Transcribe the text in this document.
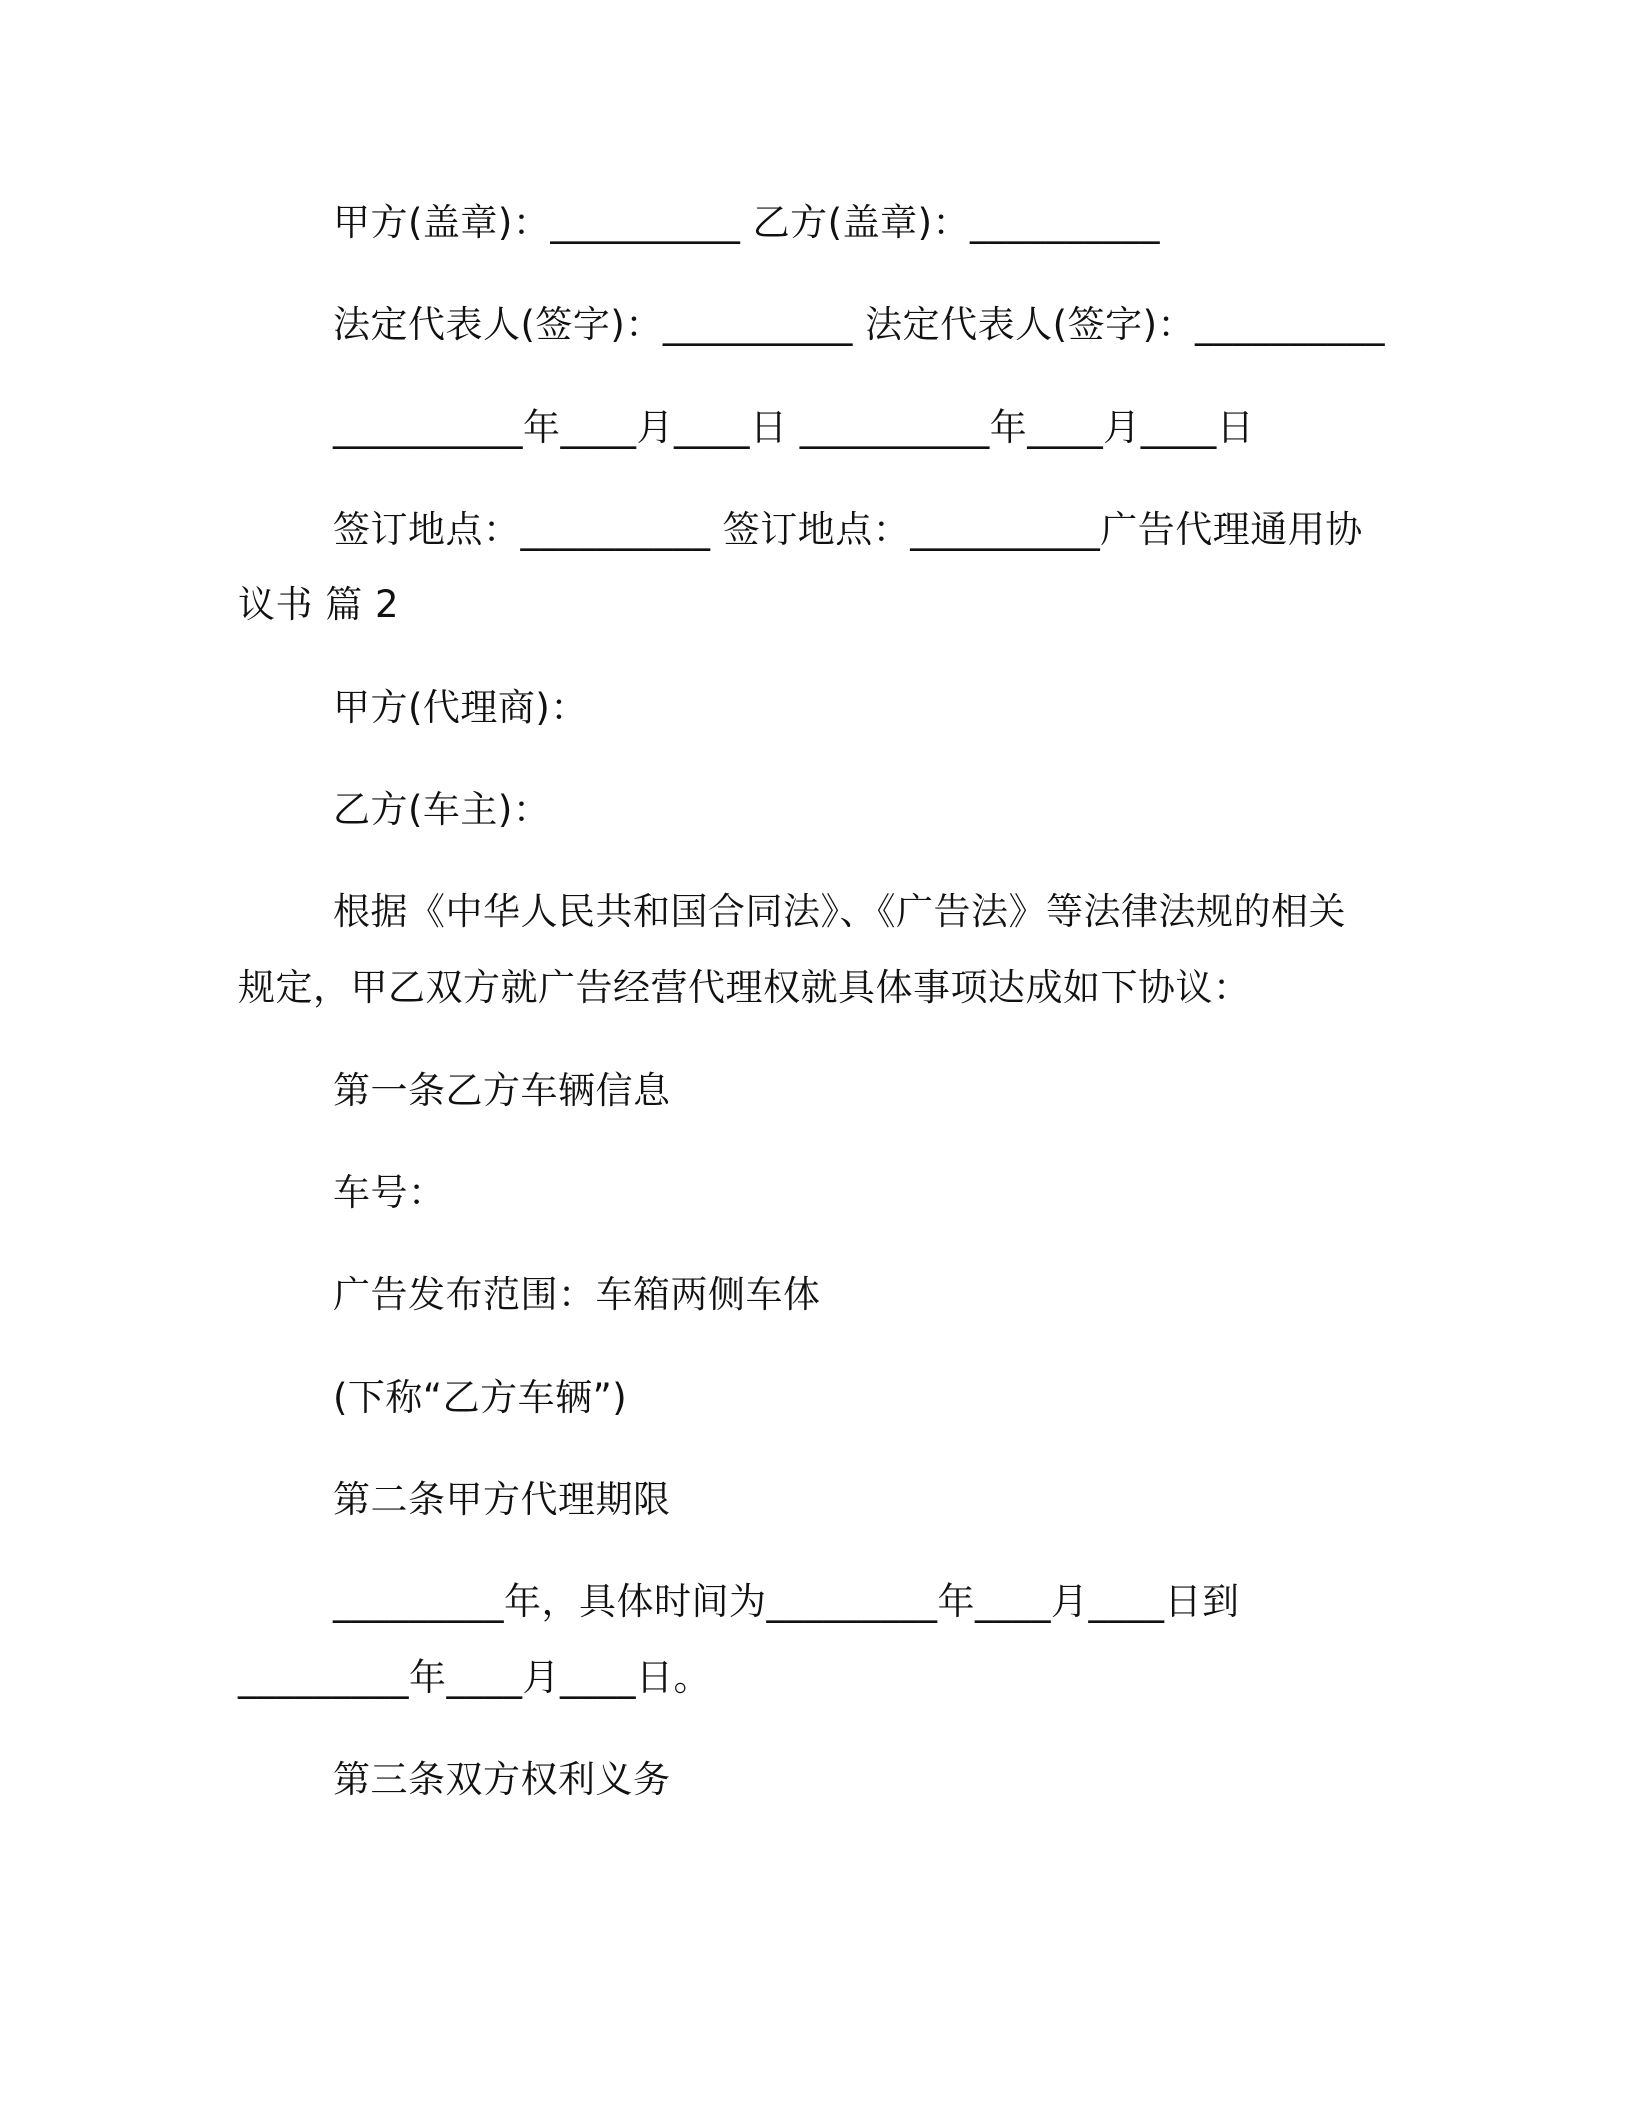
甲方(盖章)：__________ 乙方(盖章)：__________
法定代表人(签字)：__________ 法定代表人(签字)：__________
__________年____月____日 __________年____月____日
签订地点：__________ 签订地点：__________广告代理通用协
议书 篇 2
甲方(代理商)：
乙方(车主)：
根据《中华人民共和国合同法》、《广告法》等法律法规的相关
规定，甲乙双方就广告经营代理权就具体事项达成如下协议：
第一条乙方车辆信息
车号：
广告发布范围：车箱两侧车体
(下称“乙方车辆”)
第二条甲方代理期限
_________年，具体时间为_________年____月____日到
_________年____月____日。
第三条双方权利义务
